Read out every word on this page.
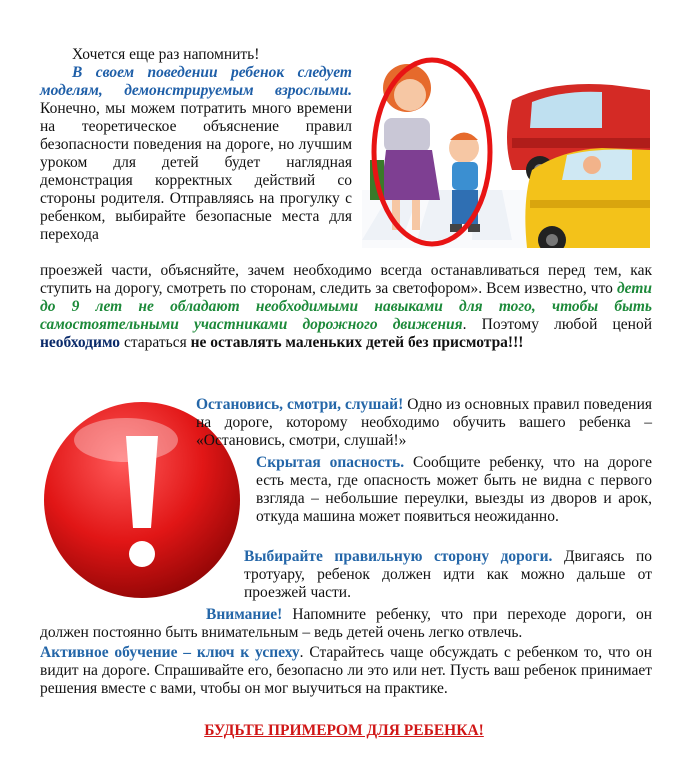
Хочется еще раз напомнить!

В своем поведении ребенок следует моделям, демонстрируемым взрослыми. Конечно, мы можем потратить много времени на теоретическое объяснение правил безопасности поведения на дороге, но лучшим уроком для детей будет наглядная демонстрация корректных действий со стороны родителя. Отправляясь на прогулку с ребенком, выбирайте безопасные места для перехода

проезжей части, объясняйте, зачем необходимо всегда останавливаться перед тем, как ступить на дорогу, смотреть по сторонам, следить за светофором». Всем известно, что дети до 9 лет не обладают необходимыми навыками для того, чтобы быть самостоятельными участниками дорожного движения. Поэтому любой ценой необходимо стараться не оставлять маленьких детей без присмотра!!!

Остановись, смотри, слушай! Одно из основных правил поведения на дороге, которому необходимо обучить вашего ребенка – «Остановись, смотри, слушай!»

Скрытая опасность. Сообщите ребенку, что на дороге есть места, где опасность может быть не видна с первого взгляда – небольшие переулки, выезды из дворов и арок, откуда машина может появиться неожиданно.

Выбирайте правильную сторону дороги. Двигаясь по тротуару, ребенок должен идти как можно дальше от проезжей части.

Внимание! Напомните ребенку, что при переходе дороги, он должен постоянно быть внимательным – ведь детей очень легко отвлечь.

Активное обучение – ключ к успеху. Старайтесь чаще обсуждать с ребенком то, что он видит на дороге. Спрашивайте его, безопасно ли это или нет. Пусть ваш ребенок принимает решения вместе с вами, чтобы он мог выучиться на практике.

БУДЬТЕ ПРИМЕРОМ ДЛЯ РЕБЕНКА!
